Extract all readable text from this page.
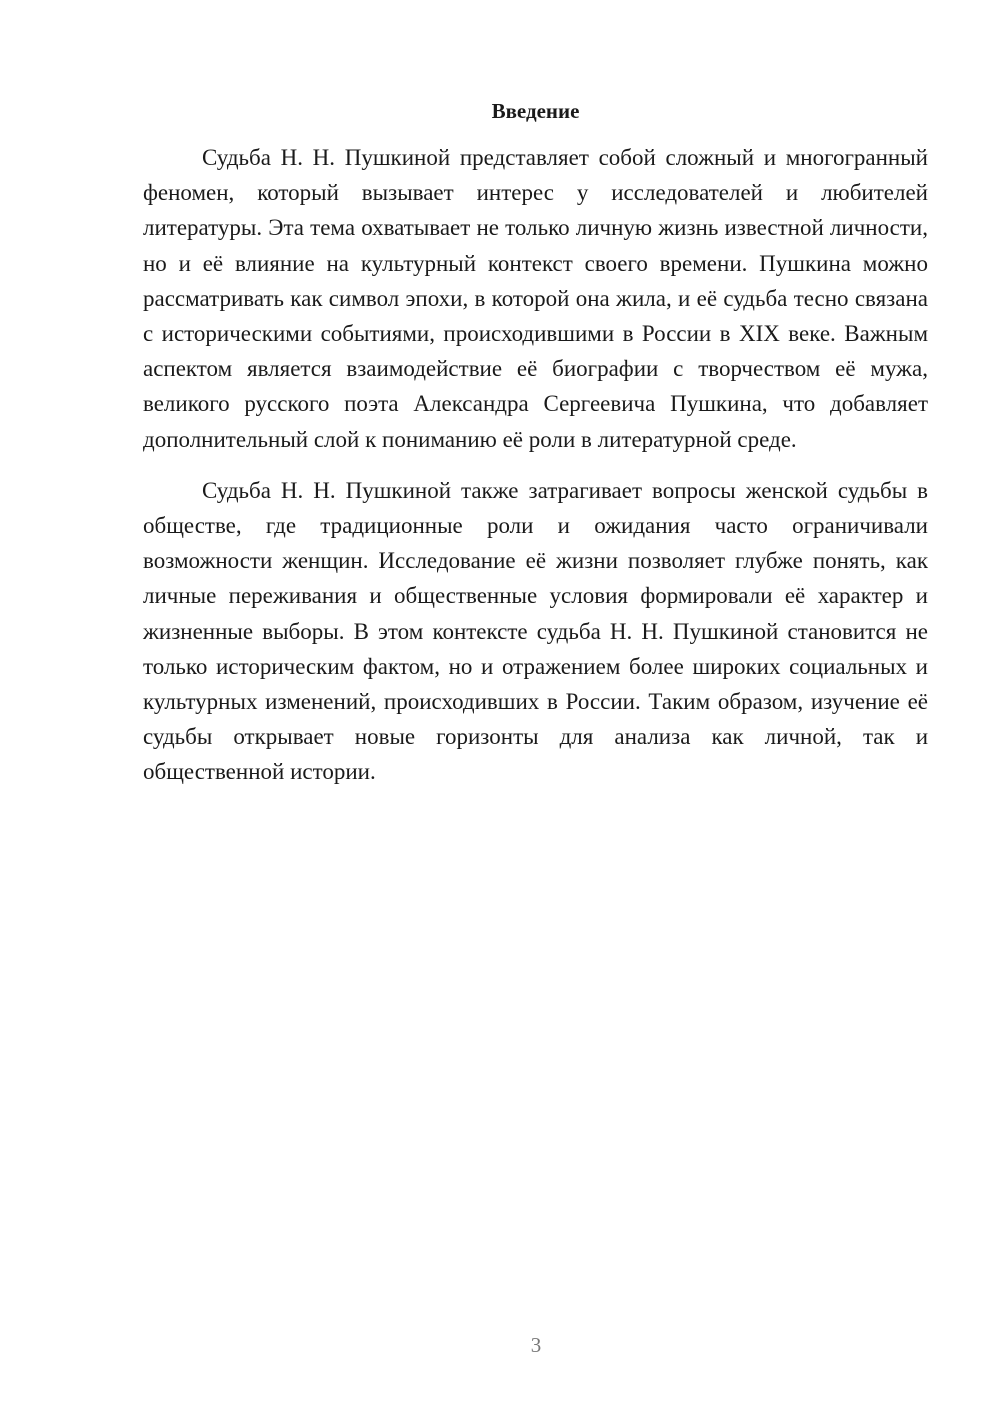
Введение

Судьба Н. Н. Пушкиной представляет собой сложный и многогранный феномен, который вызывает интерес у исследователей и любителей литературы. Эта тема охватывает не только личную жизнь известной личности, но и её влияние на культурный контекст своего времени. Пушкина можно рассматривать как символ эпохи, в которой она жила, и её судьба тесно связана с историческими событиями, происходившими в России в XIX веке. Важным аспектом является взаимодействие её биографии с творчеством её мужа, великого русского поэта Александра Сергеевича Пушкина, что добавляет дополнительный слой к пониманию её роли в литературной среде.

Судьба Н. Н. Пушкиной также затрагивает вопросы женской судьбы в обществе, где традиционные роли и ожидания часто ограничивали возможности женщин. Исследование её жизни позволяет глубже понять, как личные переживания и общественные условия формировали её характер и жизненные выборы. В этом контексте судьба Н. Н. Пушкиной становится не только историческим фактом, но и отражением более широких социальных и культурных изменений, происходивших в России. Таким образом, изучение её судьбы открывает новые горизонты для анализа как личной, так и общественной истории.

3
